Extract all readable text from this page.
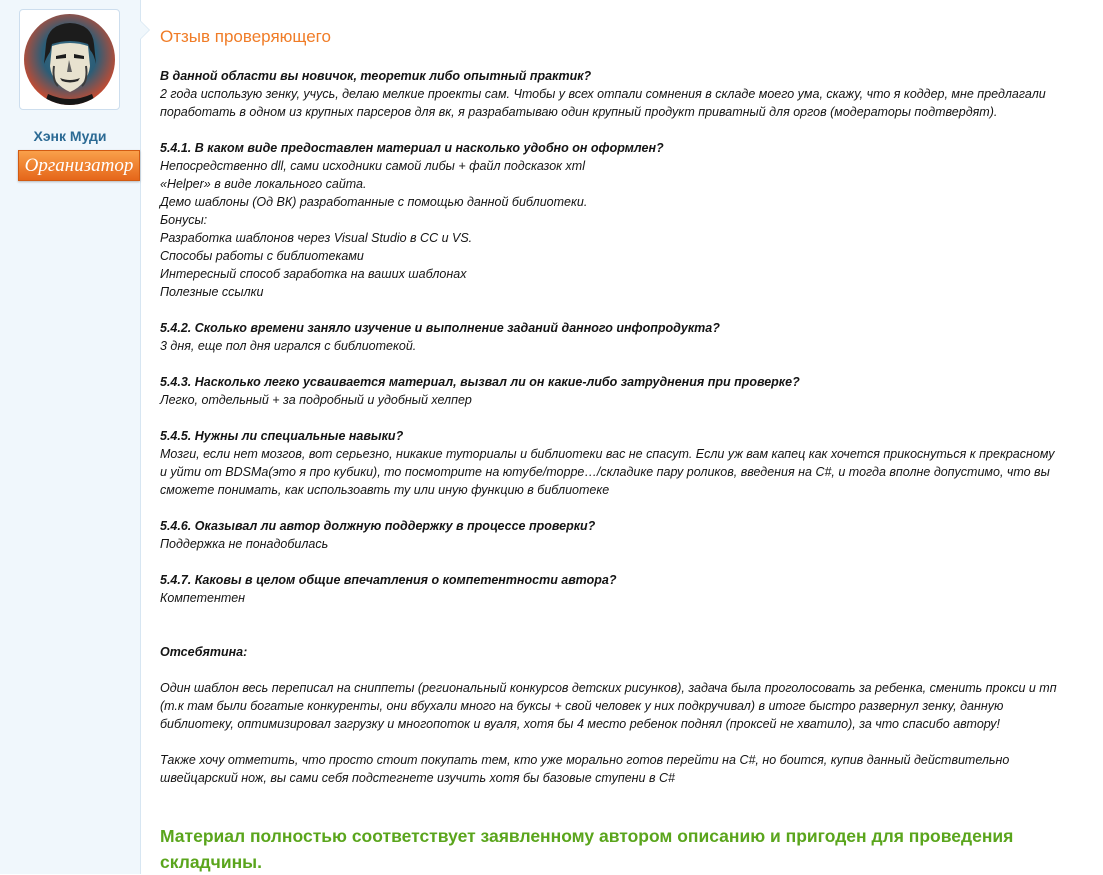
Хэнк Муди
Организатор
Отзыв проверяющего
В данной области вы новичок, теоретик либо опытный практик?
2 года использую зенку, учусь, делаю мелкие проекты сам. Чтобы у всех отпали сомнения в складе моего ума, скажу, что я коддер, мне предлагали
поработать в одном из крупных парсеров для вк, я разрабатываю один крупный продукт приватный для оргов (модераторы подтвердят).
5.4.1. В каком виде предоставлен материал и насколько удобно он оформлен?
Непосредственно dll, сами исходники самой либы + файл подсказок xml
«Helper» в виде локального сайта.
Демо шаблоны (Од ВК) разработанные с помощью данной библиотеки.
Бонусы:
Разработка шаблонов через Visual Studio в CC и VS.
Способы работы с библиотеками
Интересный способ заработка на ваших шаблонах
Полезные ссылки
5.4.2. Сколько времени заняло изучение и выполнение заданий данного инфопродукта?
3 дня, еще пол дня игрался с библиотекой.
5.4.3. Насколько легко усваивается материал, вызвал ли он какие-либо затруднения при проверке?
Легко, отдельный + за подробный и удобный хелпер
5.4.5. Нужны ли специальные навыки?
Мозги, если нет мозгов, вот серьезно, никакие туториалы и библиотеки вас не спасут. Если уж вам капец как хочется прикоснуться к прекрасному
и уйти от BDSMa(это я про кубики), то посмотрите на ютубе/торре…/складике пару роликов, введения на C#, и тогда вполне допустимо, что вы
сможете понимать, как использоавть ту или иную функцию в библиотеке
5.4.6. Оказывал ли автор должную поддержку в процессе проверки?
Поддержка не понадобилась
5.4.7. Каковы в целом общие впечатления о компетентности автора?
Компетентен
Отсебятина:
Один шаблон весь переписал на сниппеты (региональный конкурсов детских рисунков), задача была проголосовать за ребенка, сменить прокси и тп
(т.к там были богатые конкуренты, они вбухали много на буксы + свой человек у них подкручивал) в итоге быстро развернул зенку, данную
библиотеку, оптимизировал загрузку и многопоток и вуаля, хотя бы 4 место ребенок поднял (проксей не хватило), за что спасибо автору!
Также хочу отметить, что просто стоит покупать тем, кто уже морально готов перейти на C#, но боится, купив данный действительно
швейцарский нож, вы сами себя подстегнете изучить хотя бы базовые ступени в C#
Материал полностью соответствует заявленному автором описанию и пригоден для проведения
складчины.
